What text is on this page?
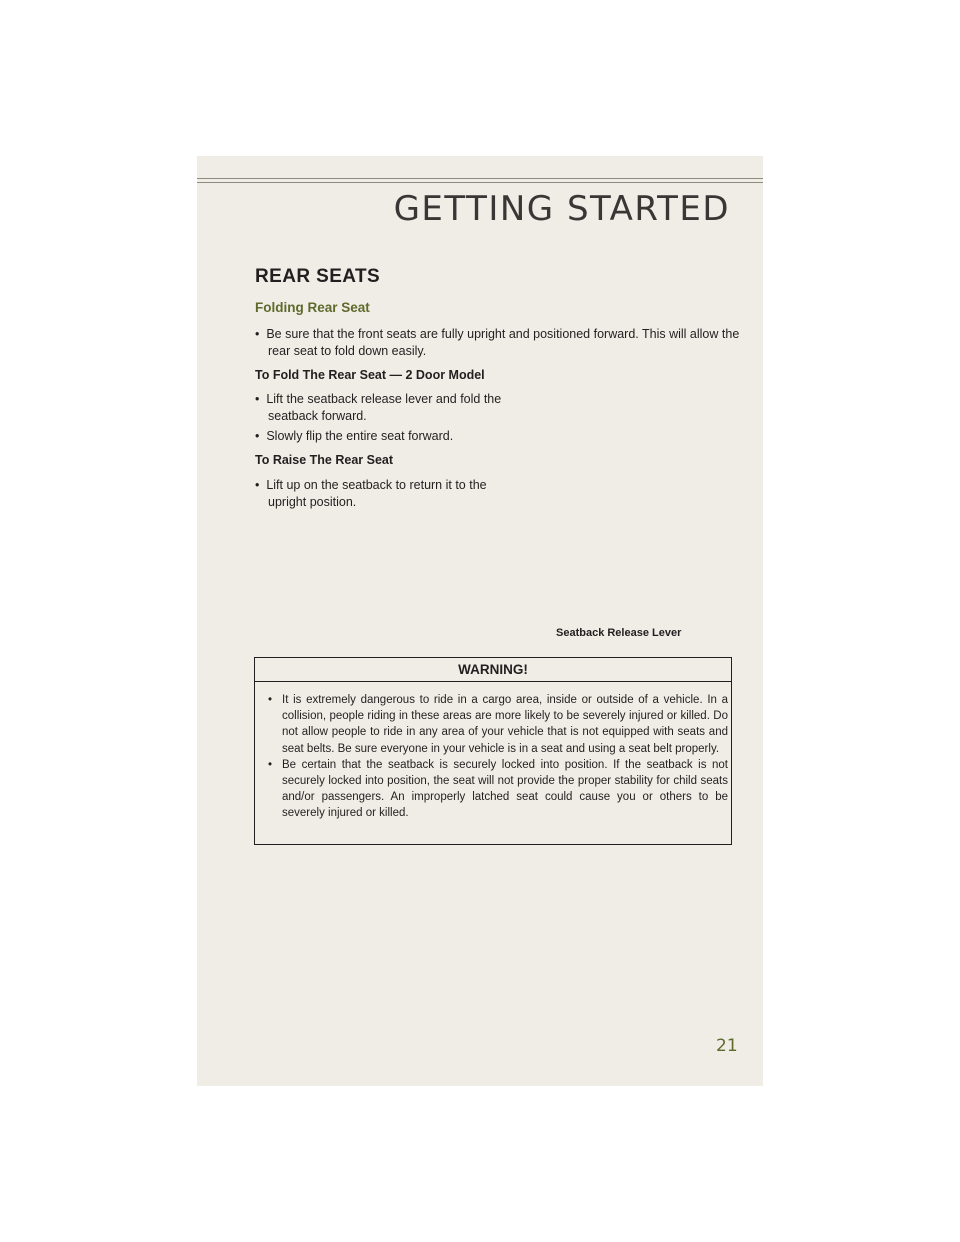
GETTING STARTED
REAR SEATS
Folding Rear Seat
•  Be sure that the front seats are fully upright and positioned forward. This will allow the rear seat to fold down easily.
To Fold The Rear Seat — 2 Door Model
•  Lift the seatback release lever and fold the seatback forward.
•  Slowly flip the entire seat forward.
To Raise The Rear Seat
•  Lift up on the seatback to return it to the upright position.
Seatback Release Lever
WARNING!
• It is extremely dangerous to ride in a cargo area, inside or outside of a vehicle. In a collision, people riding in these areas are more likely to be severely injured or killed. Do not allow people to ride in any area of your vehicle that is not equipped with seats and seat belts. Be sure everyone in your vehicle is in a seat and using a seat belt properly.
• Be certain that the seatback is securely locked into position. If the seatback is not securely locked into position, the seat will not provide the proper stability for child seats and/or passengers. An improperly latched seat could cause you or others to be severely injured or killed.
21
